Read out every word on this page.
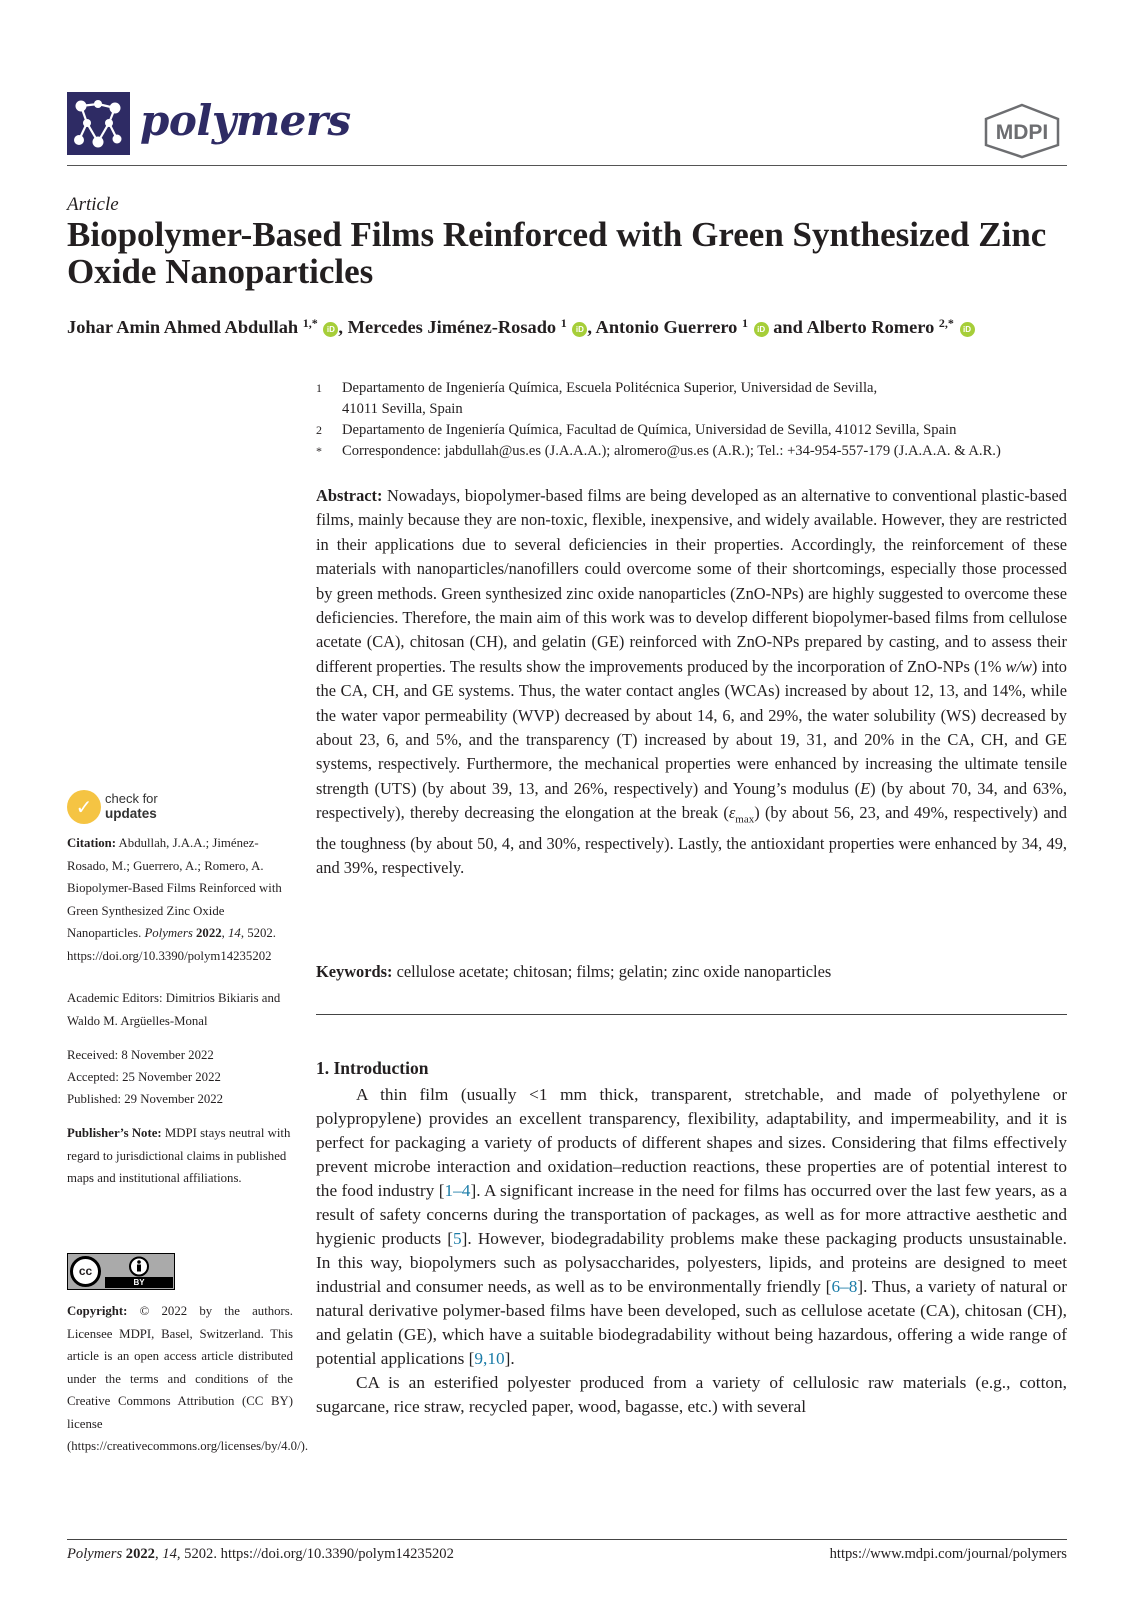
polymers	MDPI
Article
Biopolymer-Based Films Reinforced with Green Synthesized Zinc Oxide Nanoparticles
Johar Amin Ahmed Abdullah $^{1,*}$ iD , Mercedes Jiménez-Rosado $^1$ iD , Antonio Guerrero $^1$ iD and Alberto Romero $^{2,*}$ iD
1 Departamento de Ingeniería Química, Escuela Politécnica Superior, Universidad de Sevilla,
41011 Sevilla, Spain
2 Departamento de Ingeniería Química, Facultad de Química, Universidad de Sevilla, 41012 Sevilla, Spain
* Correspondence: jabdullah@us.es (J.A.A.A.); alromero@us.es (A.R.); Tel.: +34-954-557-179 (J.A.A.A. & A.R.)
Abstract: Nowadays, biopolymer-based films are being developed as an alternative to conventional plastic-based films, mainly because they are non-toxic, flexible, inexpensive, and widely available. However, they are restricted in their applications due to several deficiencies in their properties. Accordingly, the reinforcement of these materials with nanoparticles/nanofillers could overcome some of their shortcomings, especially those processed by green methods. Green synthesized zinc oxide nanoparticles (ZnO-NPs) are highly suggested to overcome these deficiencies. Therefore, the main aim of this work was to develop different biopolymer-based films from cellulose acetate (CA), chitosan (CH), and gelatin (GE) reinforced with ZnO-NPs prepared by casting, and to assess their different properties. The results show the improvements produced by the incorporation of ZnO-NPs (1% w/w) into the CA, CH, and GE systems. Thus, the water contact angles (WCAs) increased by about 12, 13, and 14%, while the water vapor permeability (WVP) decreased by about 14, 6, and 29%, the water solubility (WS) decreased by about 23, 6, and 5%, and the transparency (T) increased by about 19, 31, and 20% in the CA, CH, and GE systems, respectively. Furthermore, the mechanical properties were enhanced by increasing the ultimate tensile strength (UTS) (by about 39, 13, and 26%, respectively) and Young’s modulus (E) (by about 70, 34, and 63%, respectively), thereby decreasing the elongation at the break $(\varepsilon_{max})$ (by about 56, 23, and 49%, respectively) and the toughness (by about 50, 4, and 30%, respectively). Lastly, the antioxidant properties were enhanced by 34, 49, and 39%, respectively.
Keywords: cellulose acetate; chitosan; films; gelatin; zinc oxide nanoparticles
1. Introduction

A thin film (usually <1 mm thick, transparent, stretchable, and made of polyethylene or polypropylene) provides an excellent transparency, flexibility, adaptability, and impermeability, and it is perfect for packaging a variety of products of different shapes and sizes. Considering that films effectively prevent microbe interaction and oxidation–reduction reactions, these properties are of potential interest to the food industry [1–4]. A significant increase in the need for films has occurred over the last few years, as a result of safety concerns during the transportation of packages, as well as for more attractive aesthetic and hygienic products [5]. However, biodegradability problems make these packaging products unsustainable. In this way, biopolymers such as polysaccharides, polyesters, lipids, and proteins are designed to meet industrial and consumer needs, as well as to be environmentally friendly [6–8]. Thus, a variety of natural or natural derivative polymer-based films have been developed, such as cellulose acetate (CA), chitosan (CH), and gelatin (GE), which have a suitable biodegradability without being hazardous, offering a wide range of potential applications [9,10].

CA is an esterified polyester produced from a variety of cellulosic raw materials (e.g., cotton, sugarcane, rice straw, recycled paper, wood, bagasse, etc.) with several

✓ check for
updates
Citation: Abdullah, J.A.A.; Jiménez-Rosado, M.; Guerrero, A.; Romero, A. Biopolymer-Based Films Reinforced with Green Synthesized Zinc Oxide Nanoparticles. Polymers 2022, 14, 5202. https://doi.org/10.3390/polym14235202
Academic Editors: Dimitrios Bikiaris and Waldo M. Argüelles-Monal
Received: 8 November 2022
Accepted: 25 November 2022
Published: 29 November 2022
Publisher’s Note: MDPI stays neutral with regard to jurisdictional claims in published maps and institutional affiliations.
cc
BY
Copyright: © 2022 by the authors. Licensee MDPI, Basel, Switzerland. This article is an open access article distributed under the terms and conditions of the Creative Commons Attribution (CC BY) license (https://creativecommons.org/licenses/by/4.0/).
Polymers 2022, 14, 5202. https://doi.org/10.3390/polym14235202	https://www.mdpi.com/journal/polymers
